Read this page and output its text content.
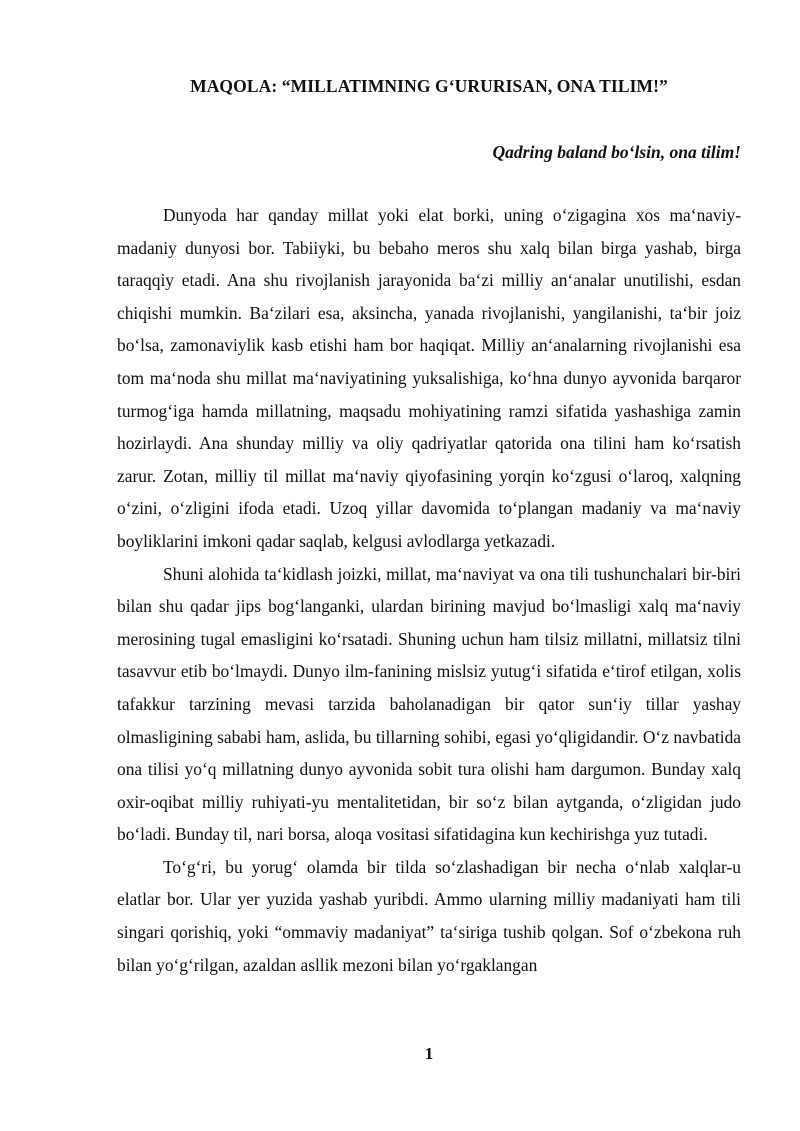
MAQOLA: “MILLATIMNING G‘URURISAN, ONA TILIM!”

Qadring baland bo‘lsin, ona tilim!

Dunyoda har qanday millat yoki elat borki, uning o‘zigagina xos ma‘naviy-madaniy dunyosi bor. Tabiiyki, bu bebaho meros shu xalq bilan birga yashab, birga taraqqiy etadi. Ana shu rivojlanish jarayonida ba‘zi milliy an‘analar unutilishi, esdan chiqishi mumkin. Ba‘zilari esa, aksincha, yanada rivojlanishi, yangilanishi, ta‘bir joiz bo‘lsa, zamonaviylik kasb etishi ham bor haqiqat. Milliy an‘analarning rivojlanishi esa tom ma‘noda shu millat ma‘naviyatining yuksalishiga, ko‘hna dunyo ayvonida barqaror turmog‘iga hamda millatning, maqsadu mohiyatining ramzi sifatida yashashiga zamin hozirlaydi. Ana shunday milliy va oliy qadriyatlar qatorida ona tilini ham ko‘rsatish zarur. Zotan, milliy til millat ma‘naviy qiyofasining yorqin ko‘zgusi o‘laroq, xalqning o‘zini, o‘zligini ifoda etadi. Uzoq yillar davomida to‘plangan madaniy va ma‘naviy boyliklarini imkoni qadar saqlab, kelgusi avlodlarga yetkazadi.

Shuni alohida ta‘kidlash joizki, millat, ma‘naviyat va ona tili tushunchalari bir-biri bilan shu qadar jips bog‘langanki, ulardan birining mavjud bo‘lmasligi xalq ma‘naviy merosining tugal emasligini ko‘rsatadi. Shuning uchun ham tilsiz millatni, millatsiz tilni tasavvur etib bo‘lmaydi. Dunyo ilm-fanining mislsiz yutug‘i sifatida e‘tirof etilgan, xolis tafakkur tarzining mevasi tarzida baholanadigan bir qator sun‘iy tillar yashay olmasligining sababi ham, aslida, bu tillarning sohibi, egasi yo‘qligidandir. O‘z navbatida ona tilisi yo‘q millatning dunyo ayvonida sobit tura olishi ham dargumon. Bunday xalq oxir-oqibat milliy ruhiyati-yu mentalitetidan, bir so‘z bilan aytganda, o‘zligidan judo bo‘ladi. Bunday til, nari borsa, aloqa vositasi sifatidagina kun kechirishga yuz tutadi.

To‘g‘ri, bu yorug‘ olamda bir tilda so‘zlashadigan bir necha o‘nlab xalqlar-u elatlar bor. Ular yer yuzida yashab yuribdi. Ammo ularning milliy madaniyati ham tili singari qorishiq, yoki “ommaviy madaniyat” ta‘siriga tushib qolgan. Sof o‘zbekona ruh bilan yo‘g‘rilgan, azaldan asllik mezoni bilan yo‘rgaklangan

1
